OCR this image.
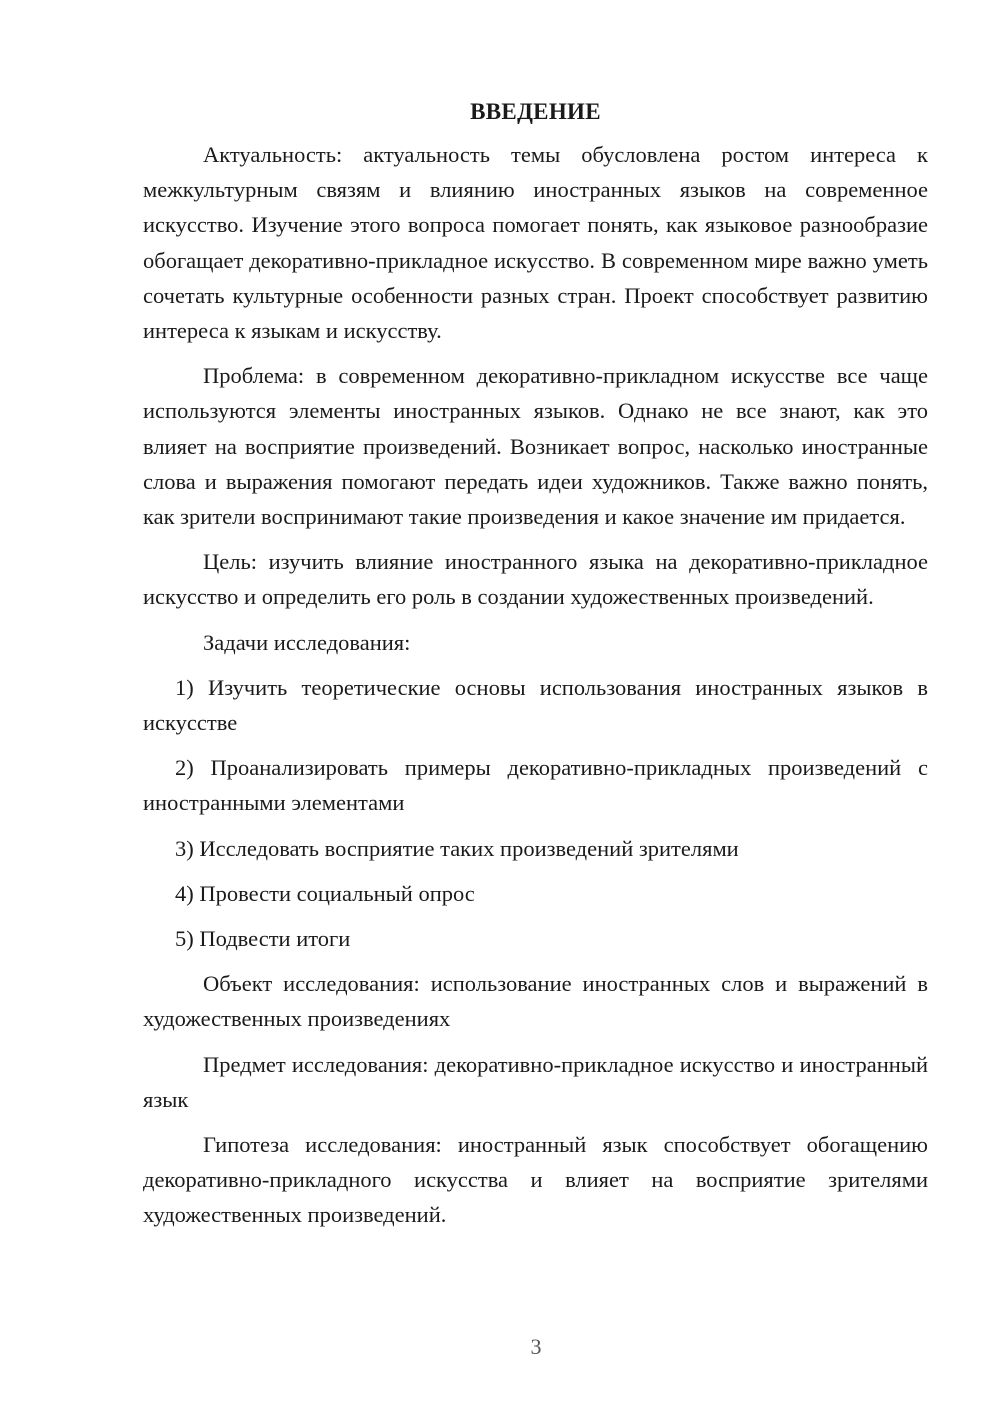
ВВЕДЕНИЕ

Актуальность: актуальность темы обусловлена ростом интереса к межкультурным связям и влиянию иностранных языков на современное искусство. Изучение этого вопроса помогает понять, как языковое разнообразие обогащает декоративно-прикладное искусство. В современном мире важно уметь сочетать культурные особенности разных стран. Проект способствует развитию интереса к языкам и искусству.

Проблема: в современном декоративно-прикладном искусстве все чаще используются элементы иностранных языков. Однако не все знают, как это влияет на восприятие произведений. Возникает вопрос, насколько иностранные слова и выражения помогают передать идеи художников. Также важно понять, как зрители воспринимают такие произведения и какое значение им придается.

Цель: изучить влияние иностранного языка на декоративно-прикладное искусство и определить его роль в создании художественных произведений.

Задачи исследования:

1) Изучить теоретические основы использования иностранных языков в искусстве

2) Проанализировать примеры декоративно-прикладных произведений с иностранными элементами

3) Исследовать восприятие таких произведений зрителями

4) Провести социальный опрос

5) Подвести итоги

Объект исследования: использование иностранных слов и выражений в художественных произведениях

Предмет исследования: декоративно-прикладное искусство и иностранный язык

Гипотеза исследования: иностранный язык способствует обогащению декоративно-прикладного искусства и влияет на восприятие зрителями художественных произведений.

3
